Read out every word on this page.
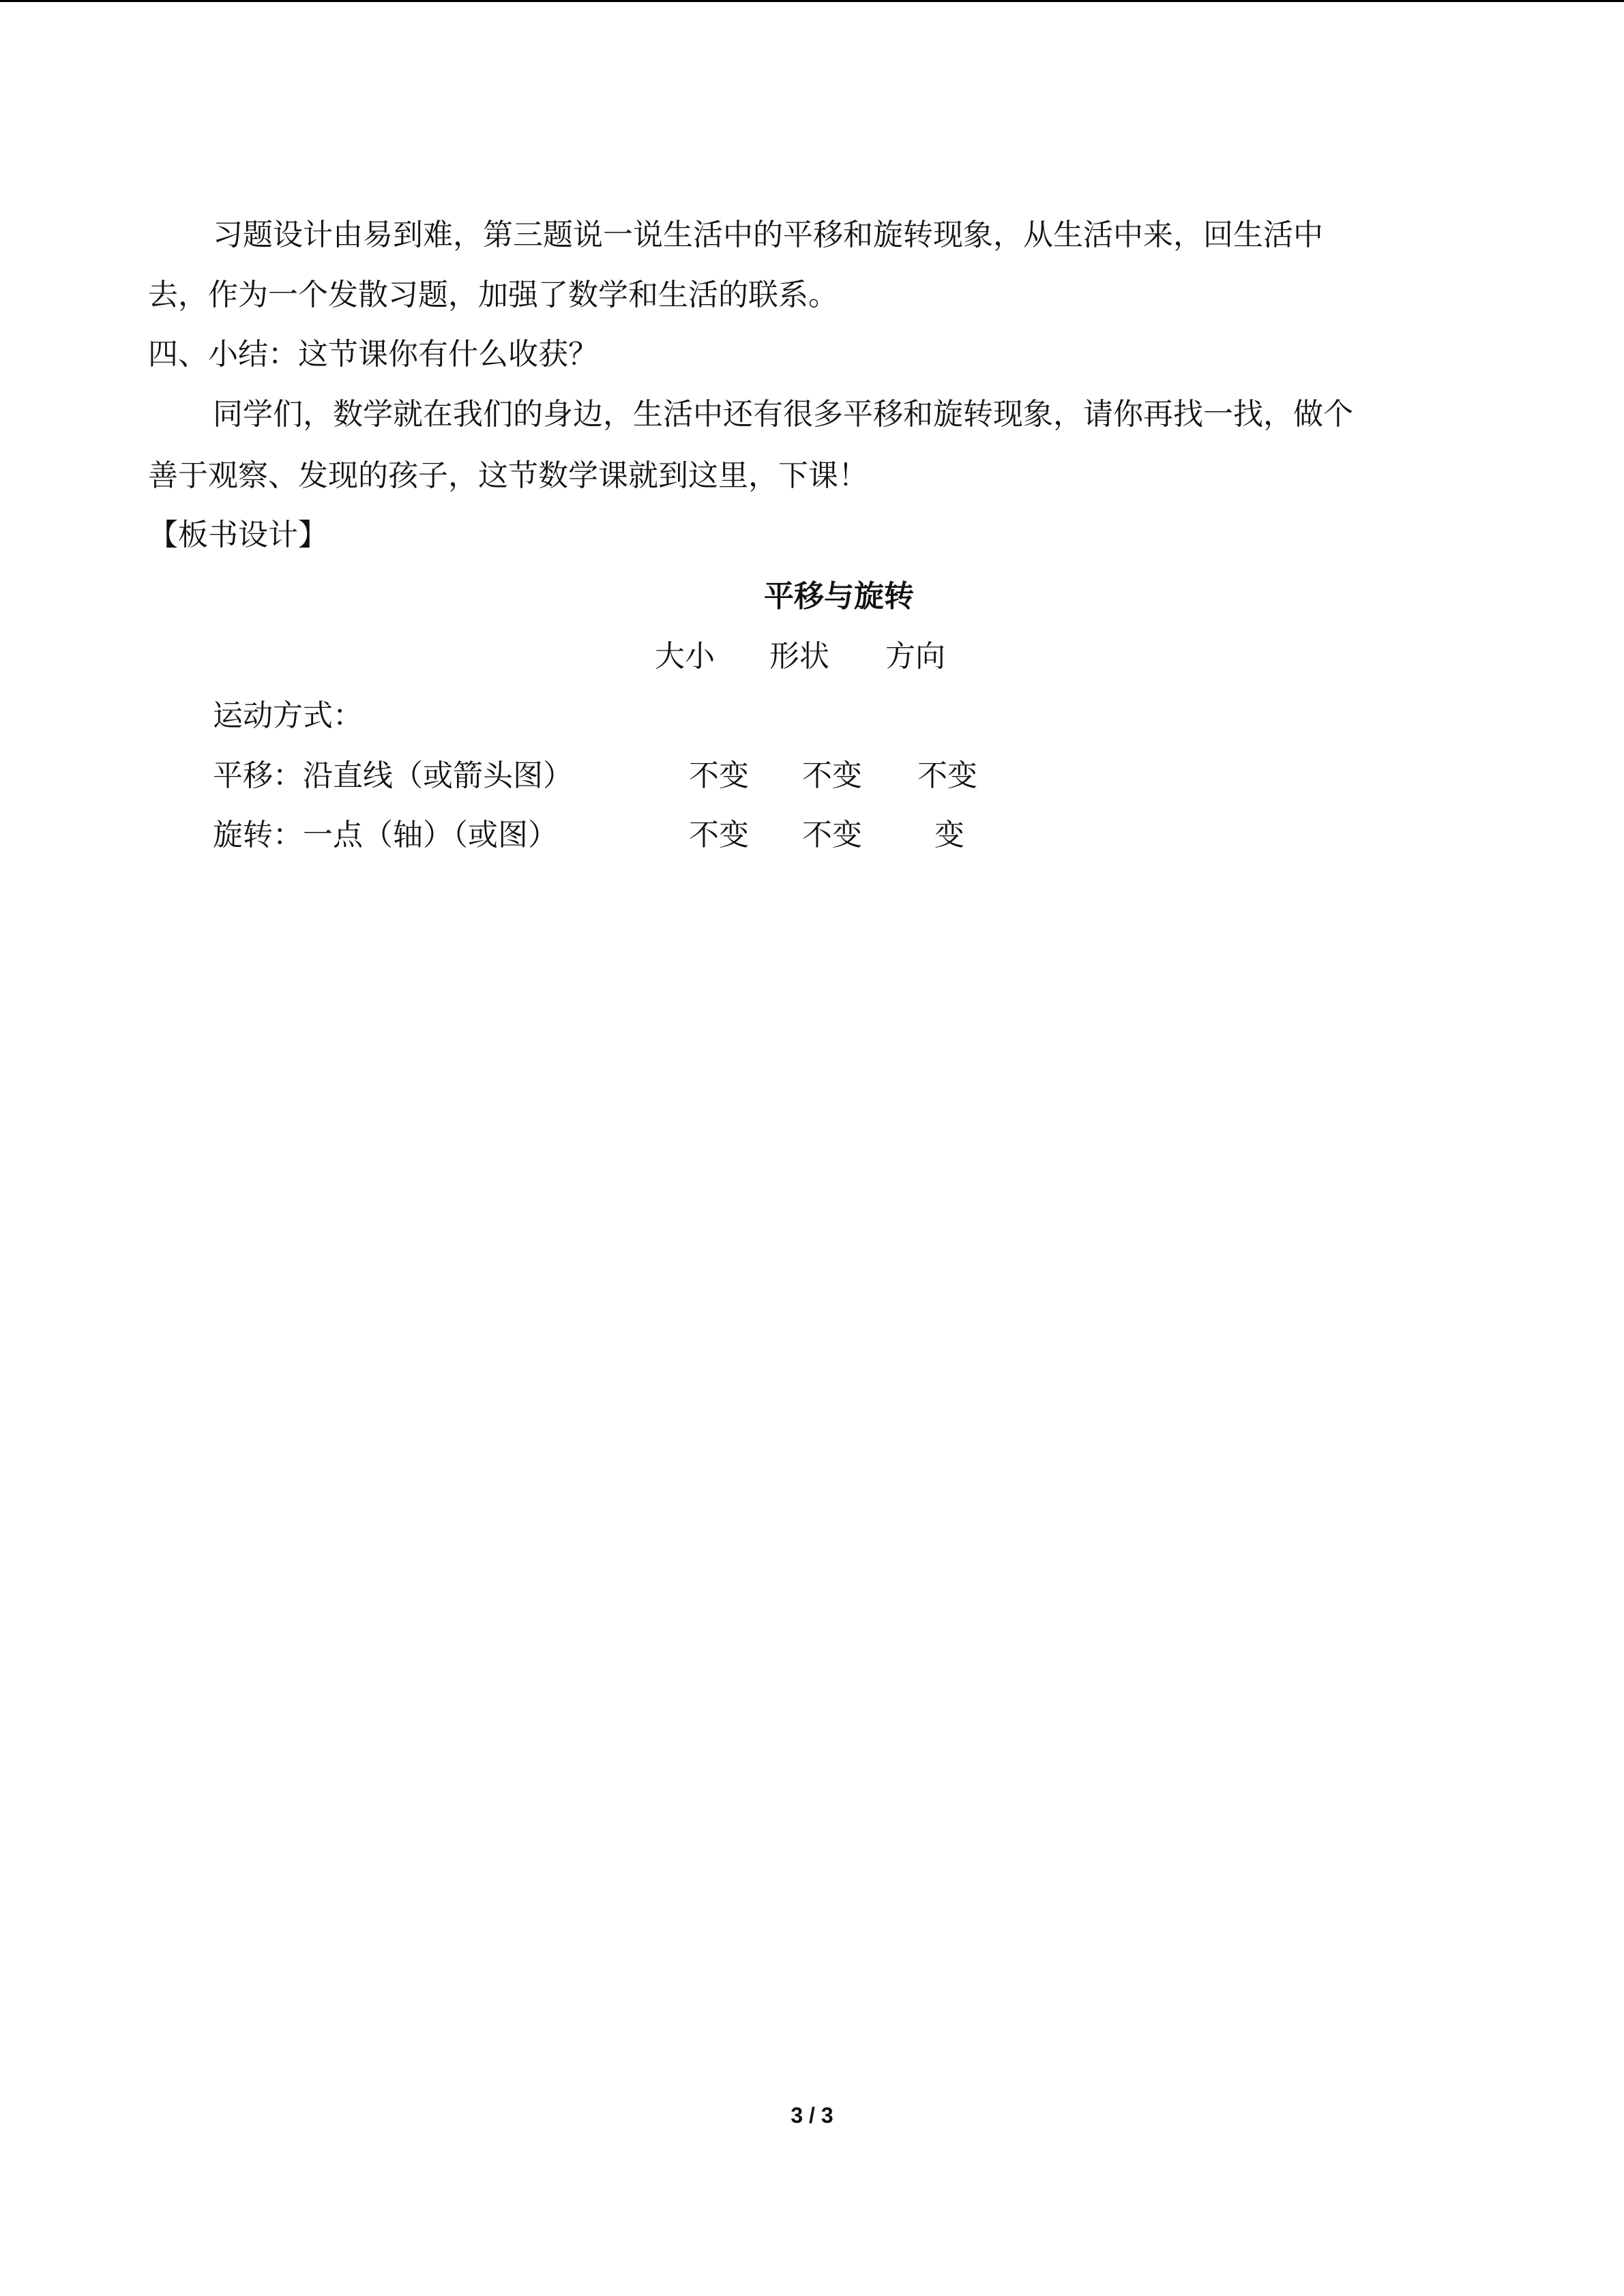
习题设计由易到难，第三题说一说生活中的平移和旋转现象，从生活中来，回生活中
去，作为一个发散习题，加强了数学和生活的联系。
四、小结：这节课你有什么收获？
同学们，数学就在我们的身边，生活中还有很多平移和旋转现象，请你再找一找，做个
善于观察、发现的孩子，这节数学课就到这里，下课！
【板书设计】
平移与旋转
大小 形状 方向
运动方式：
平移：沿直线（或箭头图）	不变 不变 不变
旋转：一点（轴）（或图）	不变 不变 变
3 / 3
